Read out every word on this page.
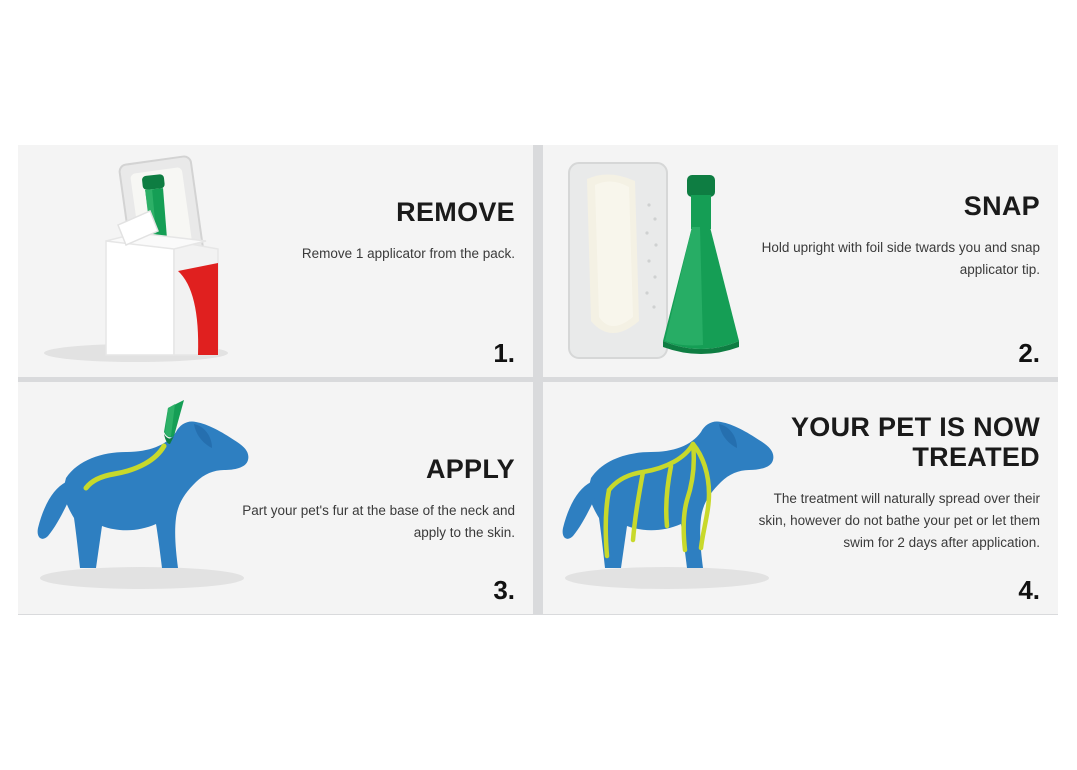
REMOVE

Remove 1 applicator from the pack.

1.
SNAP

Hold upright with foil side twards you and snap applicator tip.

2.
APPLY

Part your pet's fur at the base of the neck and apply to the skin.

3.
YOUR PET IS NOW TREATED

The treatment will naturally spread over their skin, however do not bathe your pet or let them swim for 2 days after application.

4.
